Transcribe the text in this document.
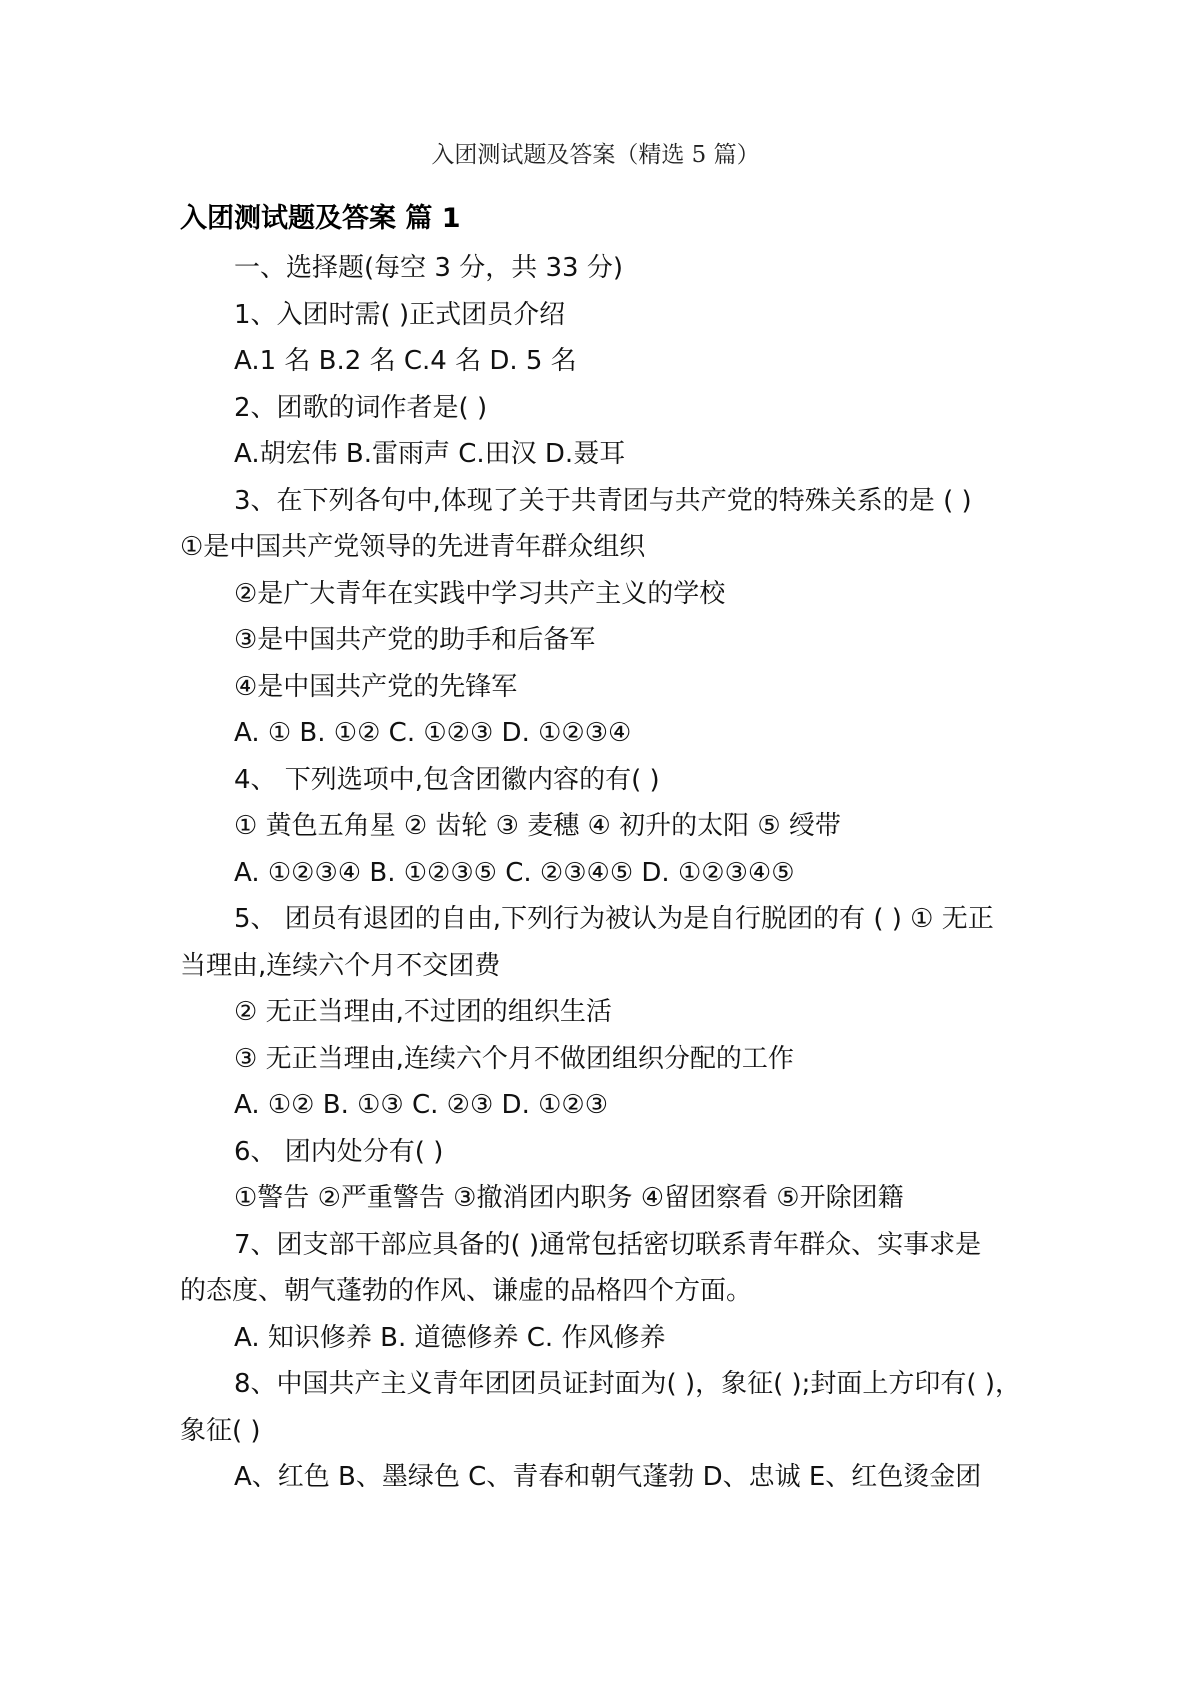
入团测试题及答案（精选 5 篇）
入团测试题及答案 篇 1

一、选择题(每空 3 分，共 33 分)

1、入团时需( )正式团员介绍

A.1 名 B.2 名 C.4 名 D. 5 名

2、团歌的词作者是( )

A.胡宏伟 B.雷雨声 C.田汉 D.聂耳

3、在下列各句中,体现了关于共青团与共产党的特殊关系的是 ( )

①是中国共产党领导的先进青年群众组织

②是广大青年在实践中学习共产主义的学校

③是中国共产党的助手和后备军

④是中国共产党的先锋军

A. ① B. ①② C. ①②③ D. ①②③④

4、 下列选项中,包含团徽内容的有( )

① 黄色五角星 ② 齿轮 ③ 麦穗 ④ 初升的太阳 ⑤ 绶带

A. ①②③④ B. ①②③⑤ C. ②③④⑤ D. ①②③④⑤

5、 团员有退团的自由,下列行为被认为是自行脱团的有 ( ) ① 无正

当理由,连续六个月不交团费

② 无正当理由,不过团的组织生活

③ 无正当理由,连续六个月不做团组织分配的工作

A. ①② B. ①③ C. ②③ D. ①②③

6、 团内处分有( )

①警告 ②严重警告 ③撤消团内职务 ④留团察看 ⑤开除团籍

7、团支部干部应具备的( )通常包括密切联系青年群众、实事求是

的态度、朝气蓬勃的作风、谦虚的品格四个方面。

A. 知识修养 B. 道德修养 C. 作风修养

8、中国共产主义青年团团员证封面为( )，象征( );封面上方印有( )，

象征( )

A、红色 B、墨绿色 C、青春和朝气蓬勃 D、忠诚 E、红色烫金团
